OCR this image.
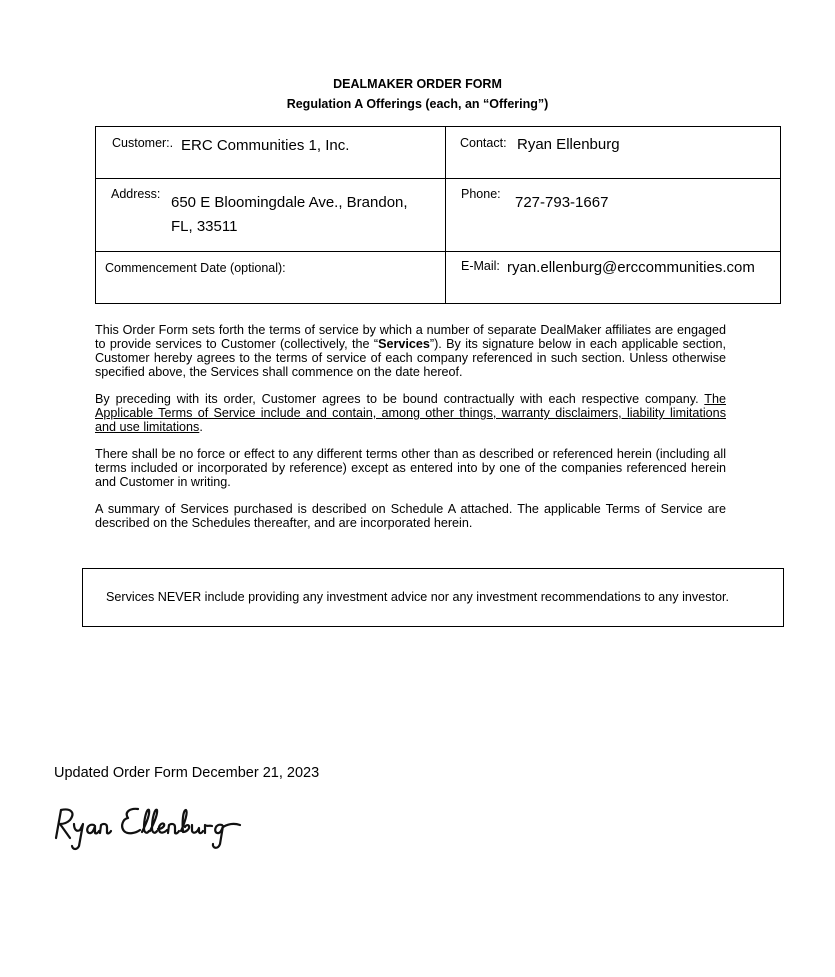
DEALMAKER ORDER FORM
Regulation A Offerings (each, an “Offering”)
Customer:. ERC Communities 1, Inc.	Contact: Ryan Ellenburg
Address: 650 E Bloomingdale Ave., Brandon,
FL, 33511
Phone: 727-793-1667
Commencement Date (optional):	E-Mail: ryan.ellenburg@erccommunities.com

This Order Form sets forth the terms of service by which a number of separate DealMaker affiliates are engaged to provide services to Customer (collectively, the “Services”). By its signature below in each applicable section, Customer hereby agrees to the terms of service of each company referenced in such section. Unless otherwise specified above, the Services shall commence on the date hereof.

By preceding with its order, Customer agrees to be bound contractually with each respective company. The Applicable Terms of Service include and contain, among other things, warranty disclaimers, liability limitations and use limitations.

There shall be no force or effect to any different terms other than as described or referenced herein (including all terms included or incorporated by reference) except as entered into by one of the companies referenced herein and Customer in writing.

A summary of Services purchased is described on Schedule A attached. The applicable Terms of Service are described on the Schedules thereafter, and are incorporated herein.

Services NEVER include providing any investment advice nor any investment recommendations to any investor.
Updated Order Form December 21, 2023
